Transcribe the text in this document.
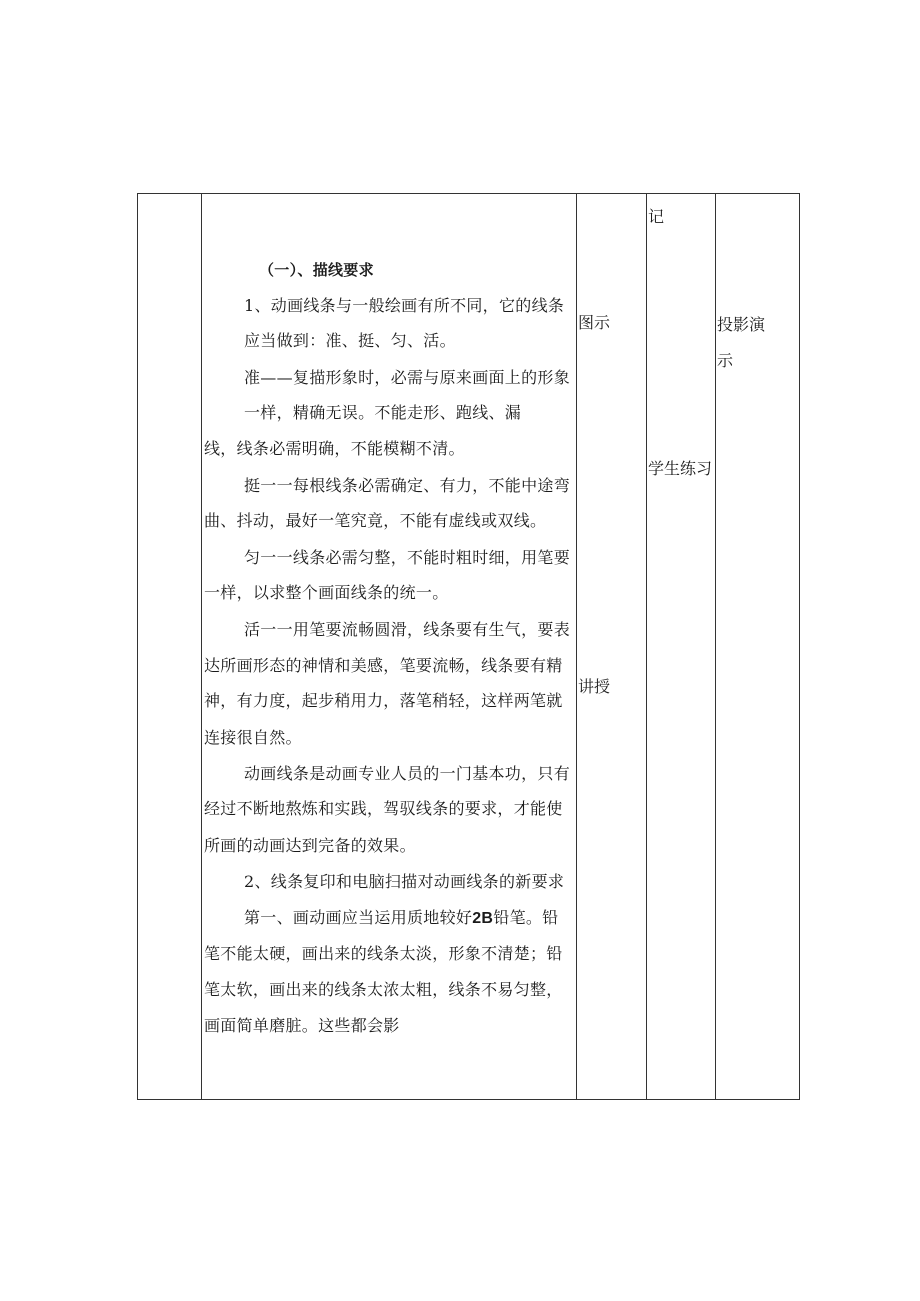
（一）、描线要求
1、动画线条与一般绘画有所不同，它的线条
应当做到：准、挺、匀、活。
准——复描形象时，必需与原来画面上的形象
一样，精确无误。不能走形、跑线、漏
线，线条必需明确，不能模糊不清。
挺一一每根线条必需确定、有力，不能中途弯
曲、抖动，最好一笔究竟，不能有虚线或双线。
匀一一线条必需匀整，不能时粗时细，用笔要
一样，以求整个画面线条的统一。
活一一用笔要流畅圆滑，线条要有生气，要表
达所画形态的神情和美感，笔要流畅，线条要有精
神，有力度，起步稍用力，落笔稍轻，这样两笔就
连接很自然。
动画线条是动画专业人员的一门基本功，只有
经过不断地熬炼和实践，驾驭线条的要求，才能使
所画的动画达到完备的效果。
2、线条复印和电脑扫描对动画线条的新要求
第一、画动画应当运用质地较好2B铅笔。铅
笔不能太硬，画出来的线条太淡，形象不清楚；铅
笔太软，画出来的线条太浓太粗，线条不易匀整，
画面简单磨脏。这些都会影
图示
讲授
记
学生练习
投影演
示
